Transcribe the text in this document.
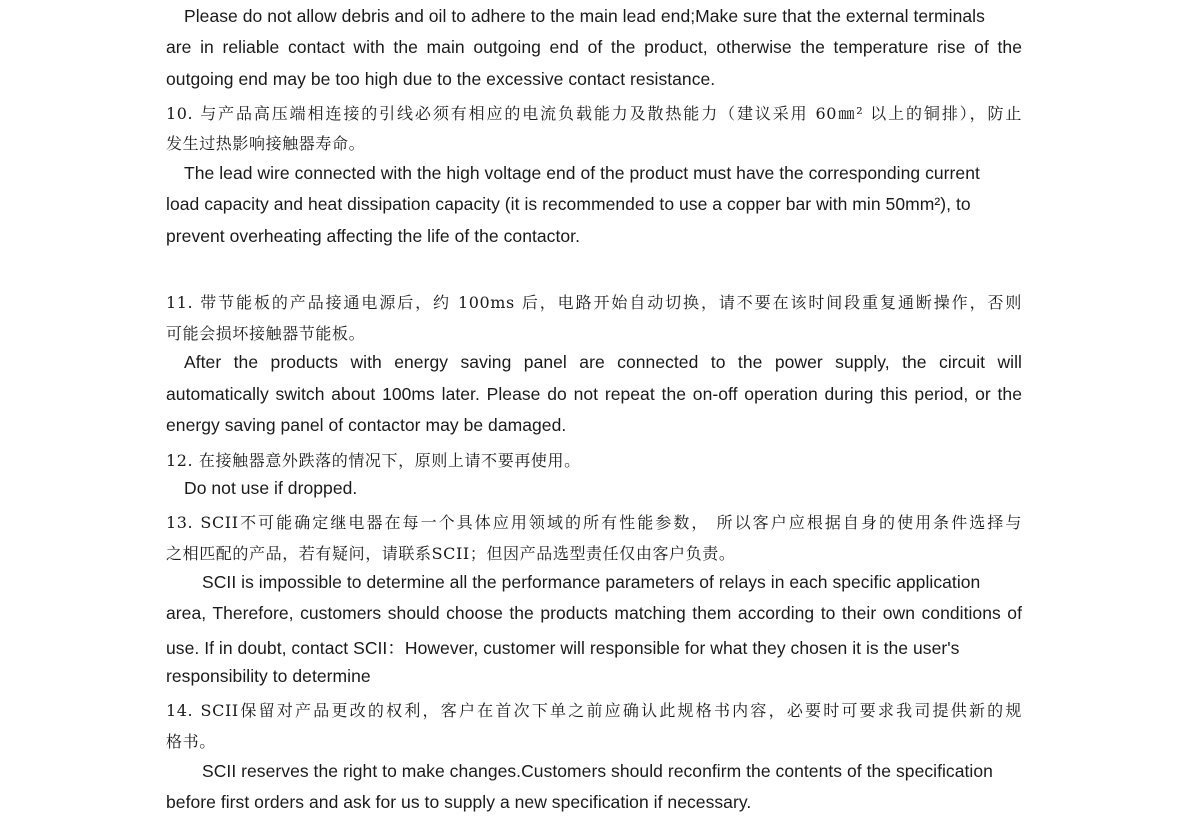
Please do not allow debris and oil to adhere to the main lead end;Make sure that the external terminals
are in reliable contact with the main outgoing end of the product, otherwise the temperature rise of the
outgoing end may be too high due to the excessive contact resistance.
10. 与产品高压端相连接的引线必须有相应的电流负载能力及散热能力（建议采用 60㎜² 以上的铜排），防止
发生过热影响接触器寿命。
The lead wire connected with the high voltage end of the product must have the corresponding current
load capacity and heat dissipation capacity (it is recommended to use a copper bar with min 50mm²), to
prevent overheating affecting the life of the contactor.
11. 带节能板的产品接通电源后，约 100ms 后，电路开始自动切换，请不要在该时间段重复通断操作，否则
可能会损坏接触器节能板。
After the products with energy saving panel are connected to the power supply, the circuit will
automatically switch about 100ms later. Please do not repeat the on-off operation during this period, or the
energy saving panel of contactor may be damaged.
12. 在接触器意外跌落的情况下，原则上请不要再使用。
Do not use if dropped.
13. SCII不可能确定继电器在每一个具体应用领域的所有性能参数， 所以客户应根据自身的使用条件选择与
之相匹配的产品，若有疑问，请联系SCII；但因产品选型责任仅由客户负责。
SCII is impossible to determine all the performance parameters of relays in each specific application
area, Therefore, customers should choose the products matching them according to their own conditions of
use. If in doubt, contact SCII：However, customer will responsible for what they chosen it is the user's
responsibility to determine
14. SCII保留对产品更改的权利，客户在首次下单之前应确认此规格书内容，必要时可要求我司提供新的规
格书。
SCII reserves the right to make changes.Customers should reconfirm the contents of the specification
before first orders and ask for us to supply a new specification if necessary.
